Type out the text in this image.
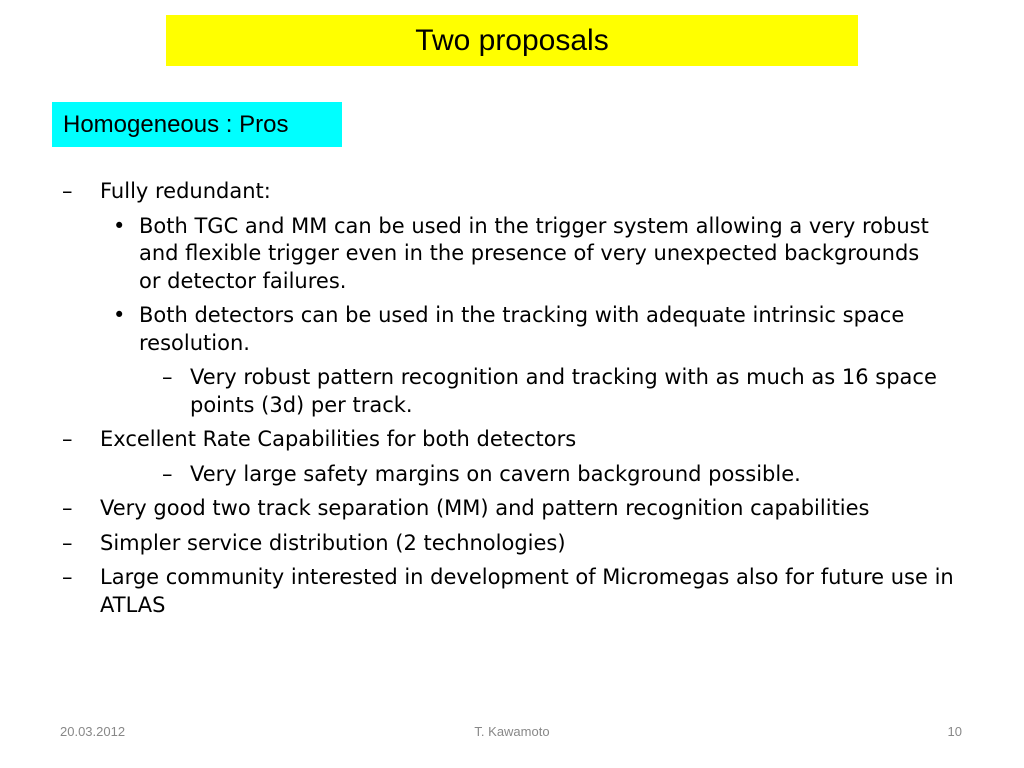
Two proposals
Homogeneous : Pros
– Fully redundant:
• Both TGC and MM can be used in the trigger system allowing a very robust and flexible trigger even in the presence of very unexpected backgrounds or detector failures.
• Both detectors can be used in the tracking with adequate intrinsic space resolution.
– Very robust pattern recognition and tracking with as much as 16 space points (3d) per track.
– Excellent Rate Capabilities for both detectors
– Very large safety margins on cavern background possible.
– Very good two track separation (MM) and pattern recognition capabilities
– Simpler service distribution (2 technologies)
– Large community interested in development of Micromegas also for future use in ATLAS
20.03.2012	T. Kawamoto	10
